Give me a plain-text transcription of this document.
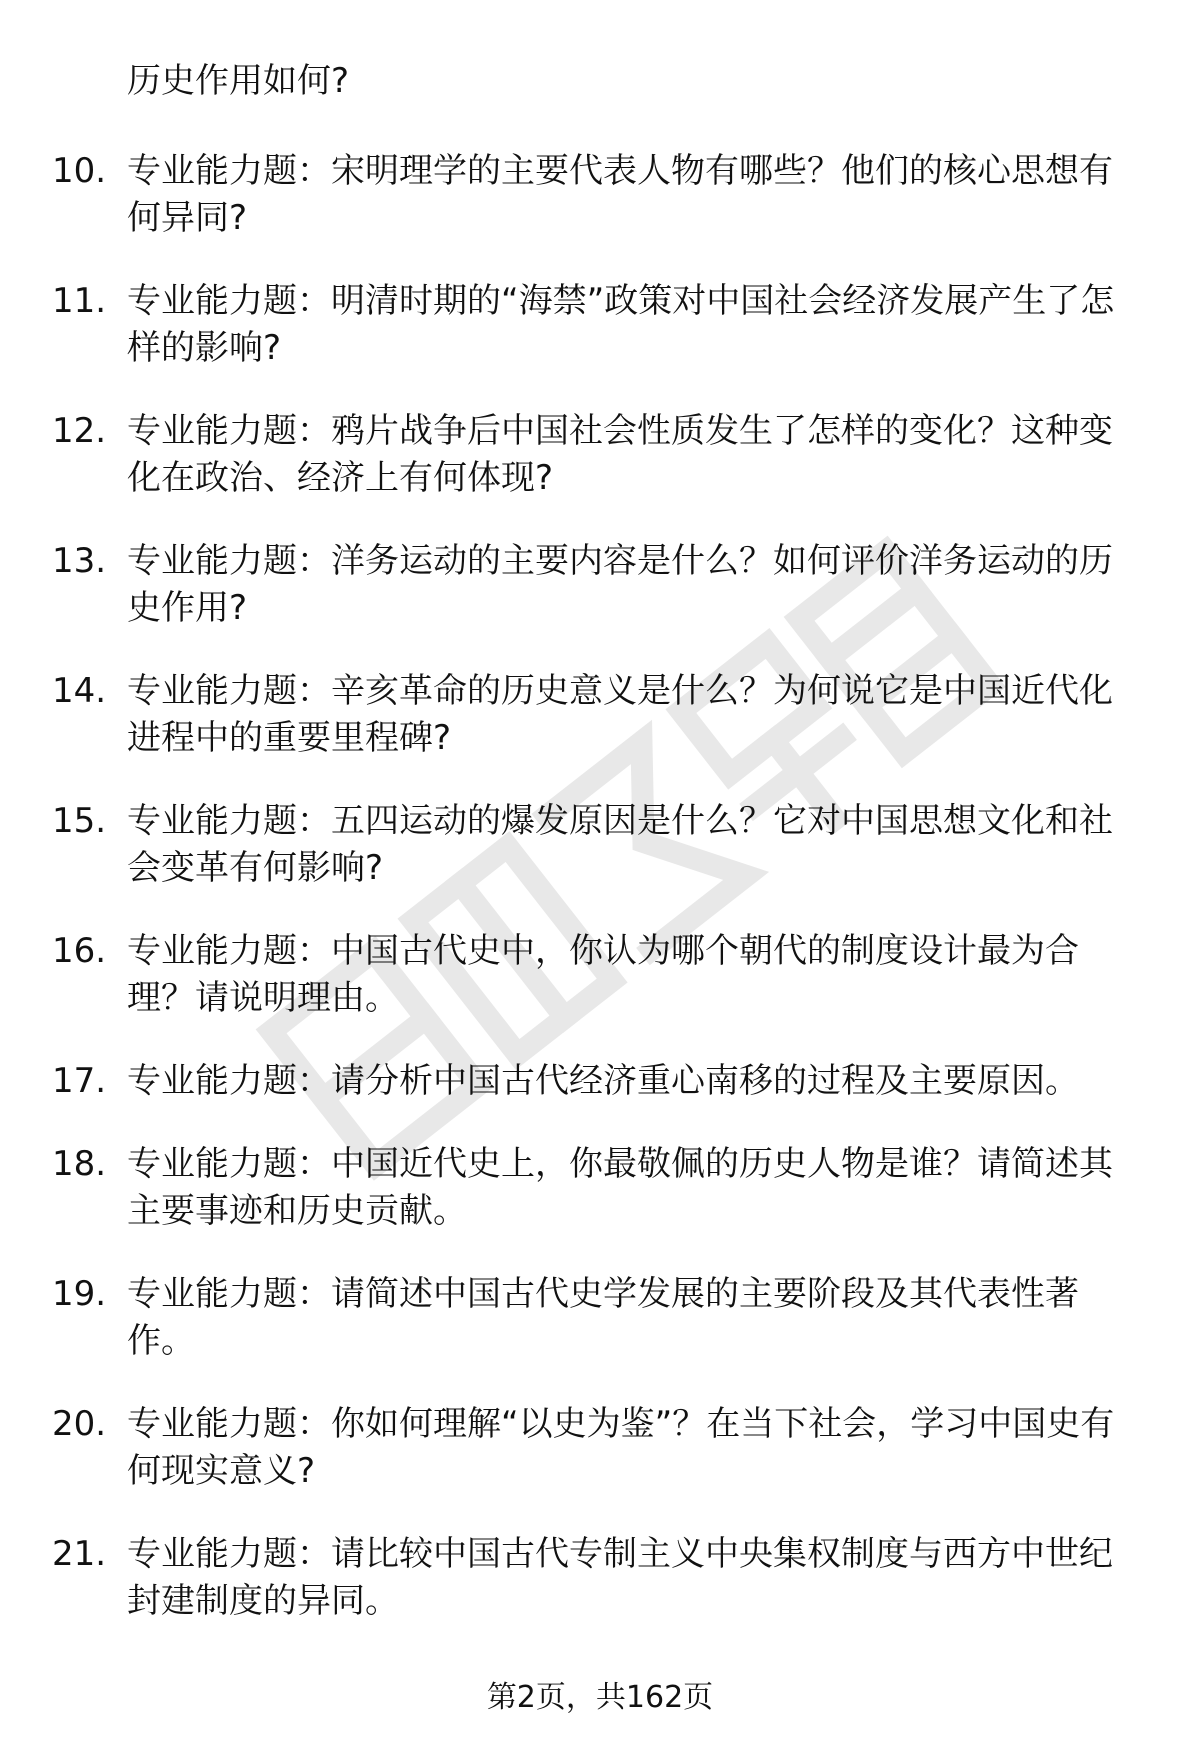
历史作用如何?

10. 专业能力题：宋明理学的主要代表人物有哪些？他们的核心思想有何异同?
11. 专业能力题：明清时期的“海禁”政策对中国社会经济发展产生了怎样的影响?
12. 专业能力题：鸦片战争后中国社会性质发生了怎样的变化？这种变化在政治、经济上有何体现?
13. 专业能力题：洋务运动的主要内容是什么？如何评价洋务运动的历史作用?
14. 专业能力题：辛亥革命的历史意义是什么？为何说它是中国近代化进程中的重要里程碑?
15. 专业能力题：五四运动的爆发原因是什么？它对中国思想文化和社会变革有何影响?
16. 专业能力题：中国古代史中，你认为哪个朝代的制度设计最为合理？请说明理由。
17. 专业能力题：请分析中国古代经济重心南移的过程及主要原因。
18. 专业能力题：中国近代史上，你最敬佩的历史人物是谁？请简述其主要事迹和历史贡献。
19. 专业能力题：请简述中国古代史学发展的主要阶段及其代表性著作。
20. 专业能力题：你如何理解“以史为鉴”？在当下社会，学习中国史有何现实意义?
21. 专业能力题：请比较中国古代专制主义中央集权制度与西方中世纪封建制度的异同。
第2页，共162页
